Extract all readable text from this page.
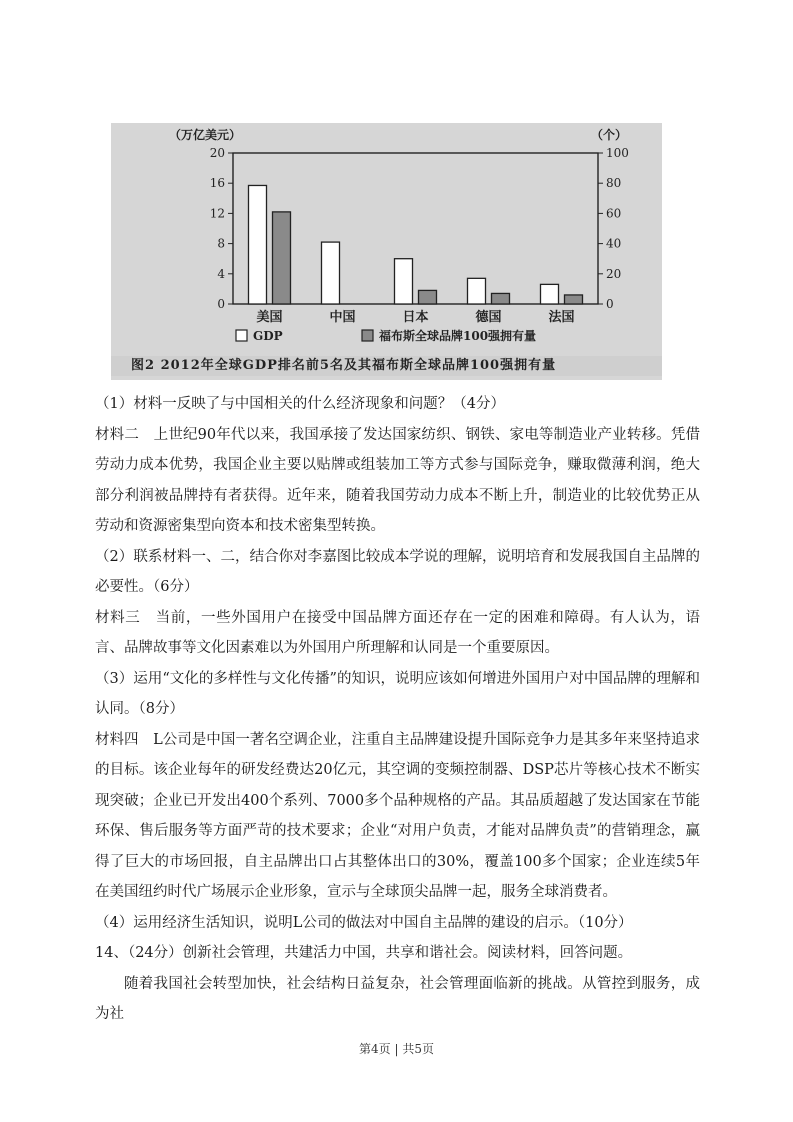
0
4
8
12
16
20
0
20
40
60
80
100
（万亿美元）	（个）
美国	中国	日本	德国	法国
GDP	福布斯全球品牌100强拥有量
图2 2012年全球GDP排名前5名及其福布斯全球品牌100强拥有量

（1）材料一反映了与中国相关的什么经济现象和问题？（4分）

材料二　上世纪90年代以来，我国承接了发达国家纺织、钢铁、家电等制造业产业转移。凭借劳动力成本优势，我国企业主要以贴牌或组装加工等方式参与国际竞争，赚取微薄利润，绝大部分利润被品牌持有者获得。近年来，随着我国劳动力成本不断上升，制造业的比较优势正从劳动和资源密集型向资本和技术密集型转换。

（2）联系材料一、二，结合你对李嘉图比较成本学说的理解，说明培育和发展我国自主品牌的必要性。（6分）

材料三　当前，一些外国用户在接受中国品牌方面还存在一定的困难和障碍。有人认为，语言、品牌故事等文化因素难以为外国用户所理解和认同是一个重要原因。

（3）运用“文化的多样性与文化传播”的知识，说明应该如何增进外国用户对中国品牌的理解和认同。（8分）

材料四　L公司是中国一著名空调企业，注重自主品牌建设提升国际竞争力是其多年来坚持追求的目标。该企业每年的研发经费达20亿元，其空调的变频控制器、DSP芯片等核心技术不断实现突破；企业已开发出400个系列、7000多个品种规格的产品。其品质超越了发达国家在节能环保、售后服务等方面严苛的技术要求；企业“对用户负责，才能对品牌负责”的营销理念，赢得了巨大的市场回报，自主品牌出口占其整体出口的30%，覆盖100多个国家；企业连续5年在美国纽约时代广场展示企业形象，宣示与全球顶尖品牌一起，服务全球消费者。

（4）运用经济生活知识，说明L公司的做法对中国自主品牌的建设的启示。（10分）

14、（24分）创新社会管理，共建活力中国，共享和谐社会。阅读材料，回答问题。

随着我国社会转型加快，社会结构日益复杂，社会管理面临新的挑战。从管控到服务，成为社

第4页 | 共5页
